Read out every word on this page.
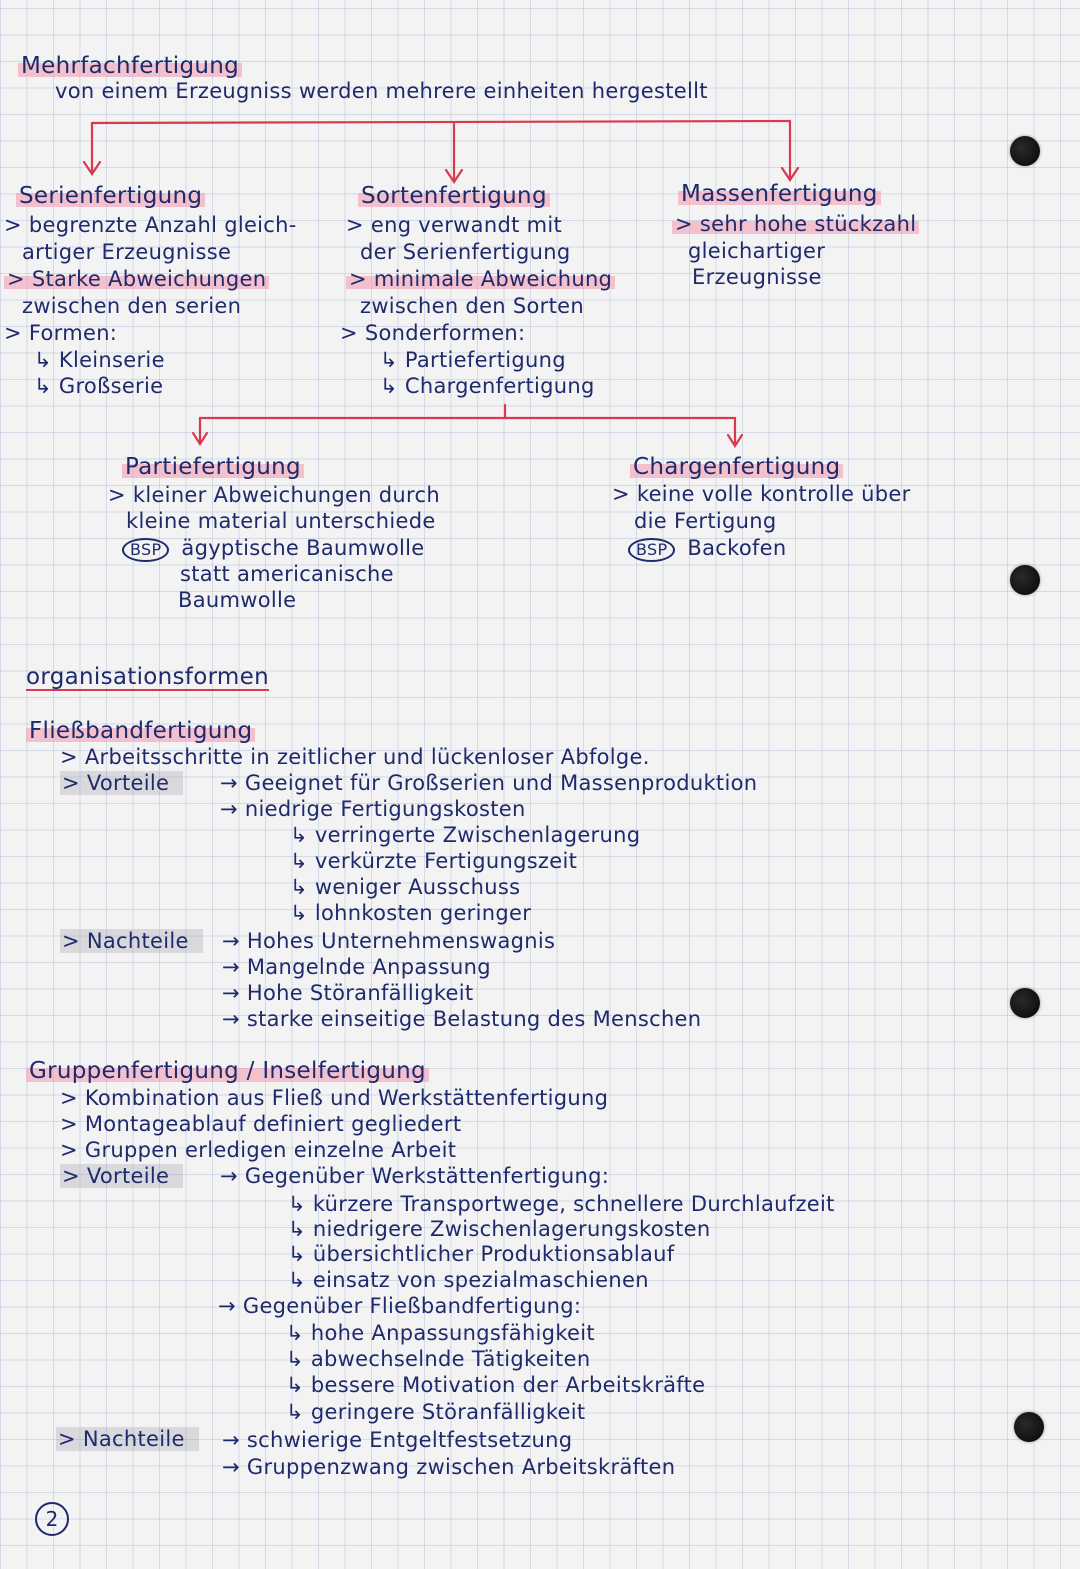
Mehrfachfertigung
von einem Erzeugniss werden mehrere einheiten hergestellt
Serienfertigung
> begrenzte Anzahl gleich-
artiger Erzeugnisse
> Starke Abweichungen
zwischen den serien
> Formen:
↳ Kleinserie
↳ Großserie
Sortenfertigung
> eng verwandt mit
der Serienfertigung
> minimale Abweichung
zwischen den Sorten
> Sonderformen:
↳ Partiefertigung
↳ Chargenfertigung
Massenfertigung
> sehr hohe stückzahl
gleichartiger
Erzeugnisse
Partiefertigung
> kleiner Abweichungen durch
kleine material unterschiede
BSP ägyptische Baumwolle
statt americanische
Baumwolle
Chargenfertigung
> keine volle kontrolle über
die Fertigung
BSP Backofen
organisationsformen
Fließbandfertigung
> Arbeitsschritte in zeitlicher und lückenloser Abfolge.
> Vorteile	→ Geeignet für Großserien und Massenproduktion
→ niedrige Fertigungskosten
↳ verringerte Zwischenlagerung
↳ verkürzte Fertigungszeit
↳ weniger Ausschuss
↳ lohnkosten geringer
> Nachteile	→ Hohes Unternehmenswagnis
→ Mangelnde Anpassung
→ Hohe Störanfälligkeit
→ starke einseitige Belastung des Menschen
Gruppenfertigung / Inselfertigung
> Kombination aus Fließ und Werkstättenfertigung
> Montageablauf definiert gegliedert
> Gruppen erledigen einzelne Arbeit
> Vorteile	→ Gegenüber Werkstättenfertigung:
↳ kürzere Transportwege, schnellere Durchlaufzeit
↳ niedrigere Zwischenlagerungskosten
↳ übersichtlicher Produktionsablauf
↳ einsatz von spezialmaschienen
→ Gegenüber Fließbandfertigung:
↳ hohe Anpassungsfähigkeit
↳ abwechselnde Tätigkeiten
↳ bessere Motivation der Arbeitskräfte
↳ geringere Störanfälligkeit
> Nachteile	→ schwierige Entgeltfestsetzung
→ Gruppenzwang zwischen Arbeitskräften
2
